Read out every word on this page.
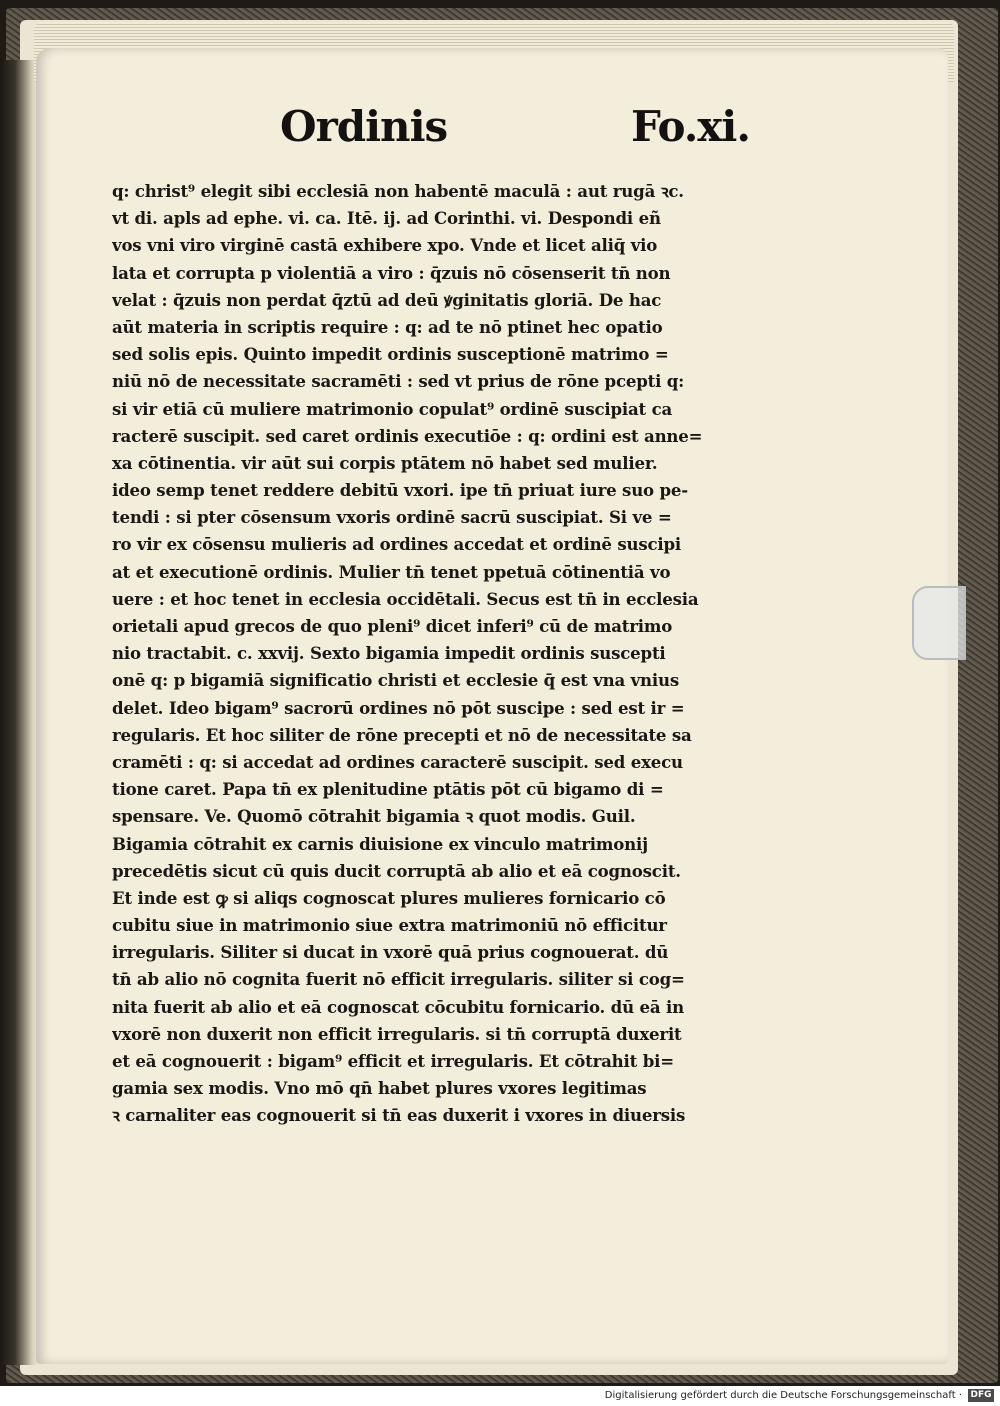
Ordinis	Fo.xi.
q: christ⁹ elegit sibi ecclesiā non habentē maculā : aut rugā ꝛc.
vt di. apls ad ephe. vi. ca. Itē. ij. ad Corinthi. vi. Despondi eñ
vos vni viro virginē castā exhibere xpo. Vnde et licet aliq̄ vio
lata et corrupta p violentiā a viro : q̄zuis nō cōsenserit tn̄ non
velat : q̄zuis non perdat q̄ztū ad deū ꝟginitatis gloriā. De hac
aūt materia in scriptis require : q: ad te nō ptinet hec opatio
sed solis epis. Quinto impedit ordinis susceptionē matrimo =
niū nō de necessitate sacramēti : sed vt prius de rōne pcepti q:
si vir etiā cū muliere matrimonio copulat⁹ ordinē suscipiat ca
racterē suscipit. sed caret ordinis executiōe : q: ordini est anne=
xa cōtinentia. vir aūt sui corpis ptātem nō habet sed mulier.
ideo semp tenet reddere debitū vxori. ipe tn̄ priuat iure suo pe-
tendi : si pter cōsensum vxoris ordinē sacrū suscipiat. Si ve =
ro vir ex cōsensu mulieris ad ordines accedat et ordinē suscipi
at et executionē ordinis. Mulier tn̄ tenet ppetuā cōtinentiā vo
uere : et hoc tenet in ecclesia occidētali. Secus est tn̄ in ecclesia
orietali apud grecos de quo pleni⁹ dicet inferi⁹ cū de matrimo
nio tractabit. c. xxvij. Sexto bigamia impedit ordinis suscepti
onē q: p bigamiā significatio christi et ecclesie q̄ est vna vnius
delet. Ideo bigam⁹ sacrorū ordines nō pōt suscipe : sed est ir =
regularis. Et hoc siliter de rōne precepti et nō de necessitate sa
cramēti : q: si accedat ad ordines caracterē suscipit. sed execu
tione caret. Papa tn̄ ex plenitudine ptātis pōt cū bigamo di =
spensare. Ve. Quomō cōtrahit bigamia ꝛ quot modis. Guil.
Bigamia cōtrahit ex carnis diuisione ex vinculo matrimonij
precedētis sicut cū quis ducit corruptā ab alio et eā cognoscit.
Et inde est ꝙ si aliqs cognoscat plures mulieres fornicario cō
cubitu siue in matrimonio siue extra matrimoniū nō efficitur
irregularis. Siliter si ducat in vxorē quā prius cognouerat. dū
tn̄ ab alio nō cognita fuerit nō efficit irregularis. siliter si cog=
nita fuerit ab alio et eā cognoscat cōcubitu fornicario. dū eā in
vxorē non duxerit non efficit irregularis. si tn̄ corruptā duxerit
et eā cognouerit : bigam⁹ efficit et irregularis. Et cōtrahit bi=
gamia sex modis. Vno mō qn̄ habet plures vxores legitimas
ꝛ carnaliter eas cognouerit si tn̄ eas duxerit i vxores in diuersis
Digitalisierung gefördert durch die Deutsche Forschungsgemeinschaft · DFG
